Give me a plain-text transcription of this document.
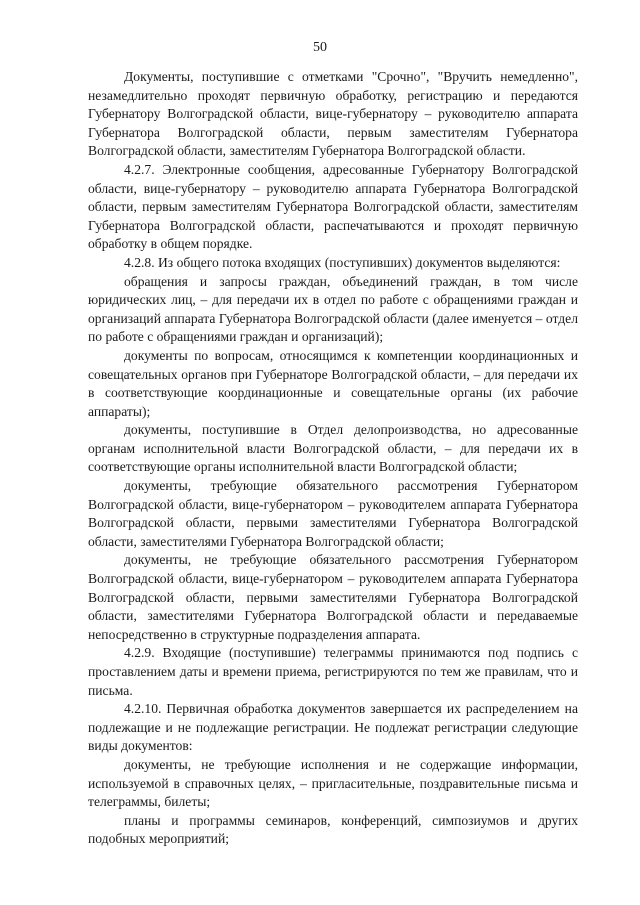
50

Документы, поступившие с отметками "Срочно", "Вручить немедленно", незамедлительно проходят первичную обработку, регистрацию и передаются Губернатору Волгоградской области, вице-губернатору – руководителю аппарата Губернатора Волгоградской области, первым заместителям Губернатора Волгоградской области, заместителям Губернатора Волгоградской области.

4.2.7. Электронные сообщения, адресованные Губернатору Волгоградской области, вице-губернатору – руководителю аппарата Губернатора Волгоградской области, первым заместителям Губернатора Волгоградской области, заместителям Губернатора Волгоградской области, распечатываются и проходят первичную обработку в общем порядке.

4.2.8. Из общего потока входящих (поступивших) документов выделяются:

обращения и запросы граждан, объединений граждан, в том числе юридических лиц, – для передачи их в отдел по работе с обращениями граждан и организаций аппарата Губернатора Волгоградской области (далее именуется – отдел по работе с обращениями граждан и организаций);

документы по вопросам, относящимся к компетенции координационных и совещательных органов при Губернаторе Волгоградской области, – для передачи их в соответствующие координационные и совещательные органы (их рабочие аппараты);

документы, поступившие в Отдел делопроизводства, но адресованные органам исполнительной власти Волгоградской области, – для передачи их в соответствующие органы исполнительной власти Волгоградской области;

документы, требующие обязательного рассмотрения Губернатором Волгоградской области, вице-губернатором – руководителем аппарата Губернатора Волгоградской области, первыми заместителями Губернатора Волгоградской области, заместителями Губернатора Волгоградской области;

документы, не требующие обязательного рассмотрения Губернатором Волгоградской области, вице-губернатором – руководителем аппарата Губернатора Волгоградской области, первыми заместителями Губернатора Волгоградской области, заместителями Губернатора Волгоградской области и передаваемые непосредственно в структурные подразделения аппарата.

4.2.9. Входящие (поступившие) телеграммы принимаются под подпись с проставлением даты и времени приема, регистрируются по тем же правилам, что и письма.

4.2.10. Первичная обработка документов завершается их распределением на подлежащие и не подлежащие регистрации. Не подлежат регистрации следующие виды документов:

документы, не требующие исполнения и не содержащие информации, используемой в справочных целях, – пригласительные, поздравительные письма и телеграммы, билеты;

планы и программы семинаров, конференций, симпозиумов и других подобных мероприятий;
